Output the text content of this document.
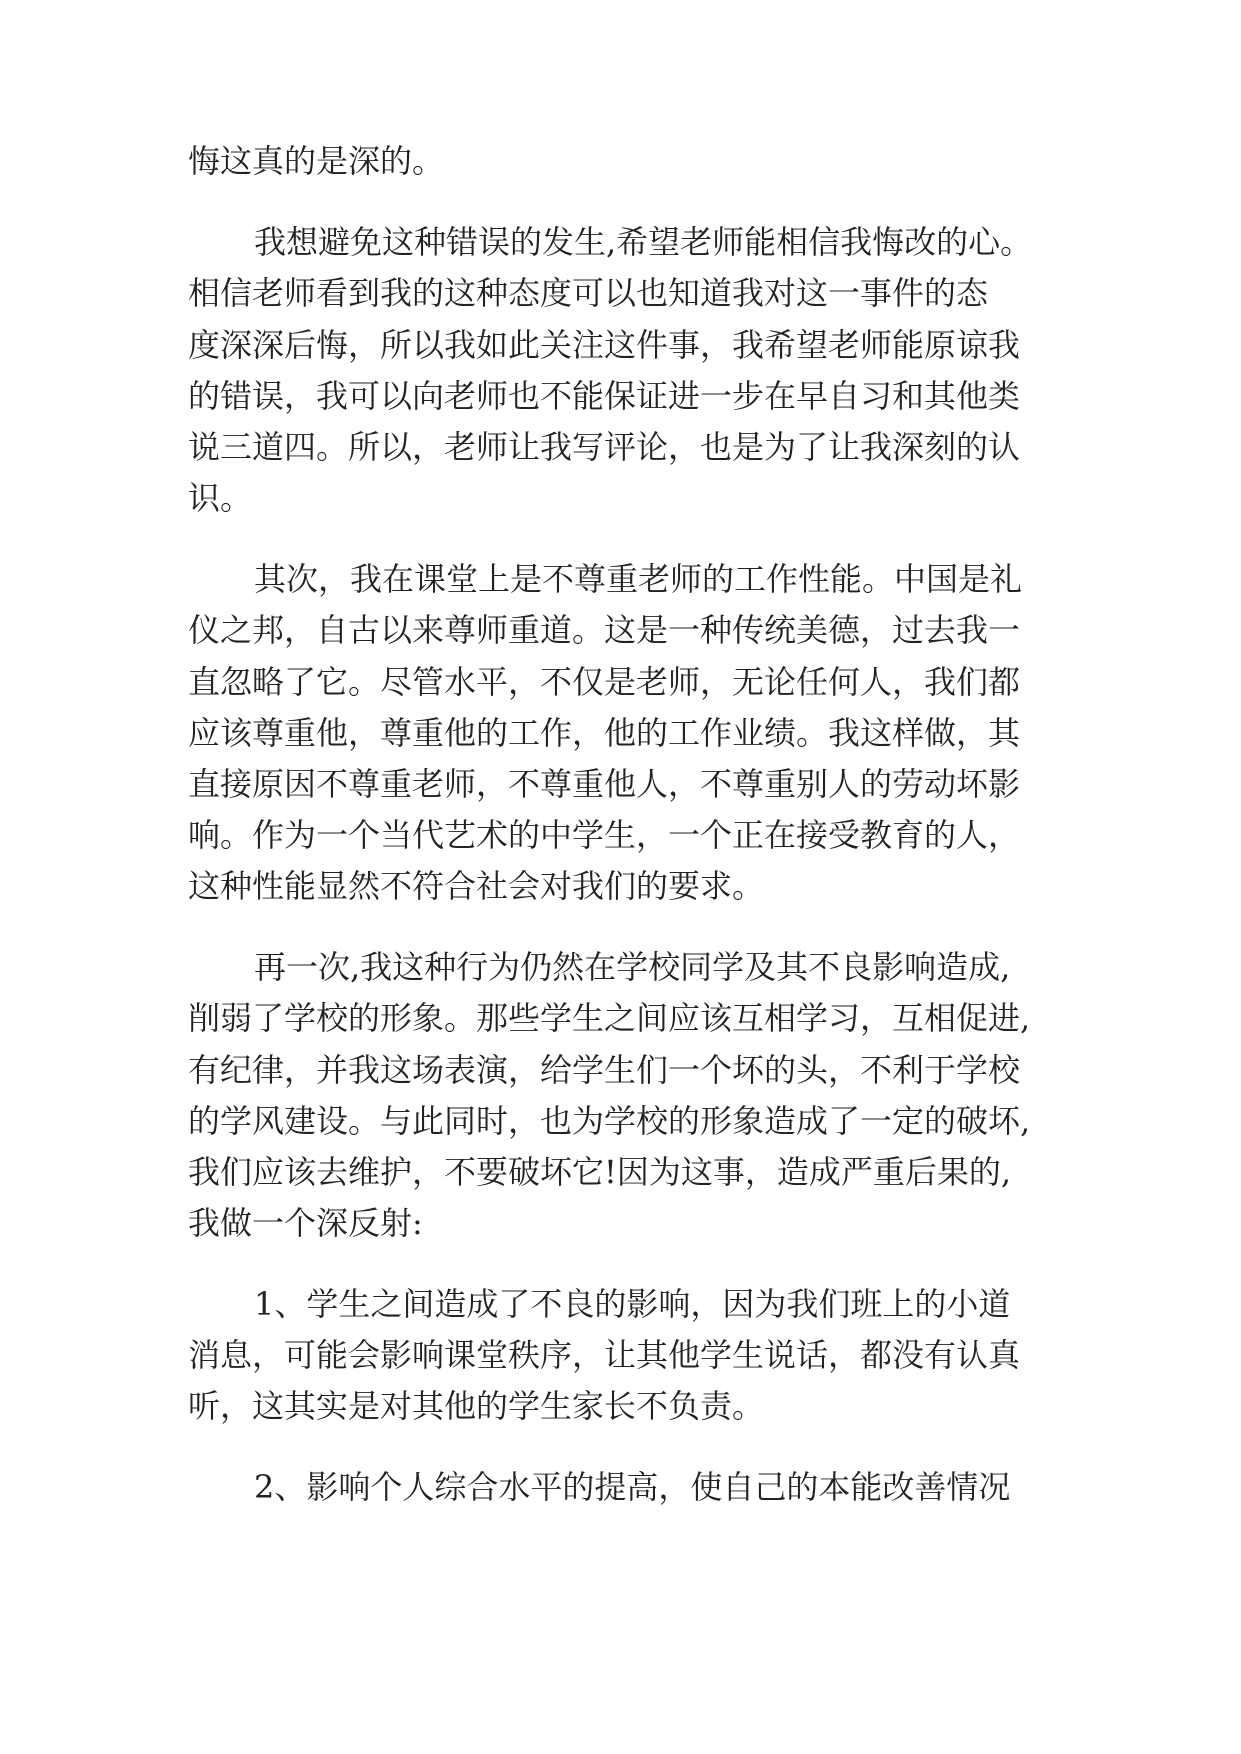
悔这真的是深的。

我想避免这种错误的发生,希望老师能相信我悔改的心。

相信老师看到我的这种态度可以也知道我对这一事件的态

度深深后悔，所以我如此关注这件事，我希望老师能原谅我

的错误，我可以向老师也不能保证进一步在早自习和其他类

说三道四。所以，老师让我写评论，也是为了让我深刻的认

识。

其次，我在课堂上是不尊重老师的工作性能。中国是礼

仪之邦，自古以来尊师重道。这是一种传统美德，过去我一

直忽略了它。尽管水平，不仅是老师，无论任何人，我们都

应该尊重他，尊重他的工作，他的工作业绩。我这样做，其

直接原因不尊重老师，不尊重他人，不尊重别人的劳动坏影

响。作为一个当代艺术的中学生，一个正在接受教育的人，

这种性能显然不符合社会对我们的要求。

再一次,我这种行为仍然在学校同学及其不良影响造成,

削弱了学校的形象。那些学生之间应该互相学习，互相促进,

有纪律，并我这场表演，给学生们一个坏的头，不利于学校

的学风建设。与此同时，也为学校的形象造成了一定的破坏,

我们应该去维护，不要破坏它!因为这事，造成严重后果的,

我做一个深反射:

1、学生之间造成了不良的影响，因为我们班上的小道

消息，可能会影响课堂秩序，让其他学生说话，都没有认真

听，这其实是对其他的学生家长不负责。

2、影响个人综合水平的提高，使自己的本能改善情况
